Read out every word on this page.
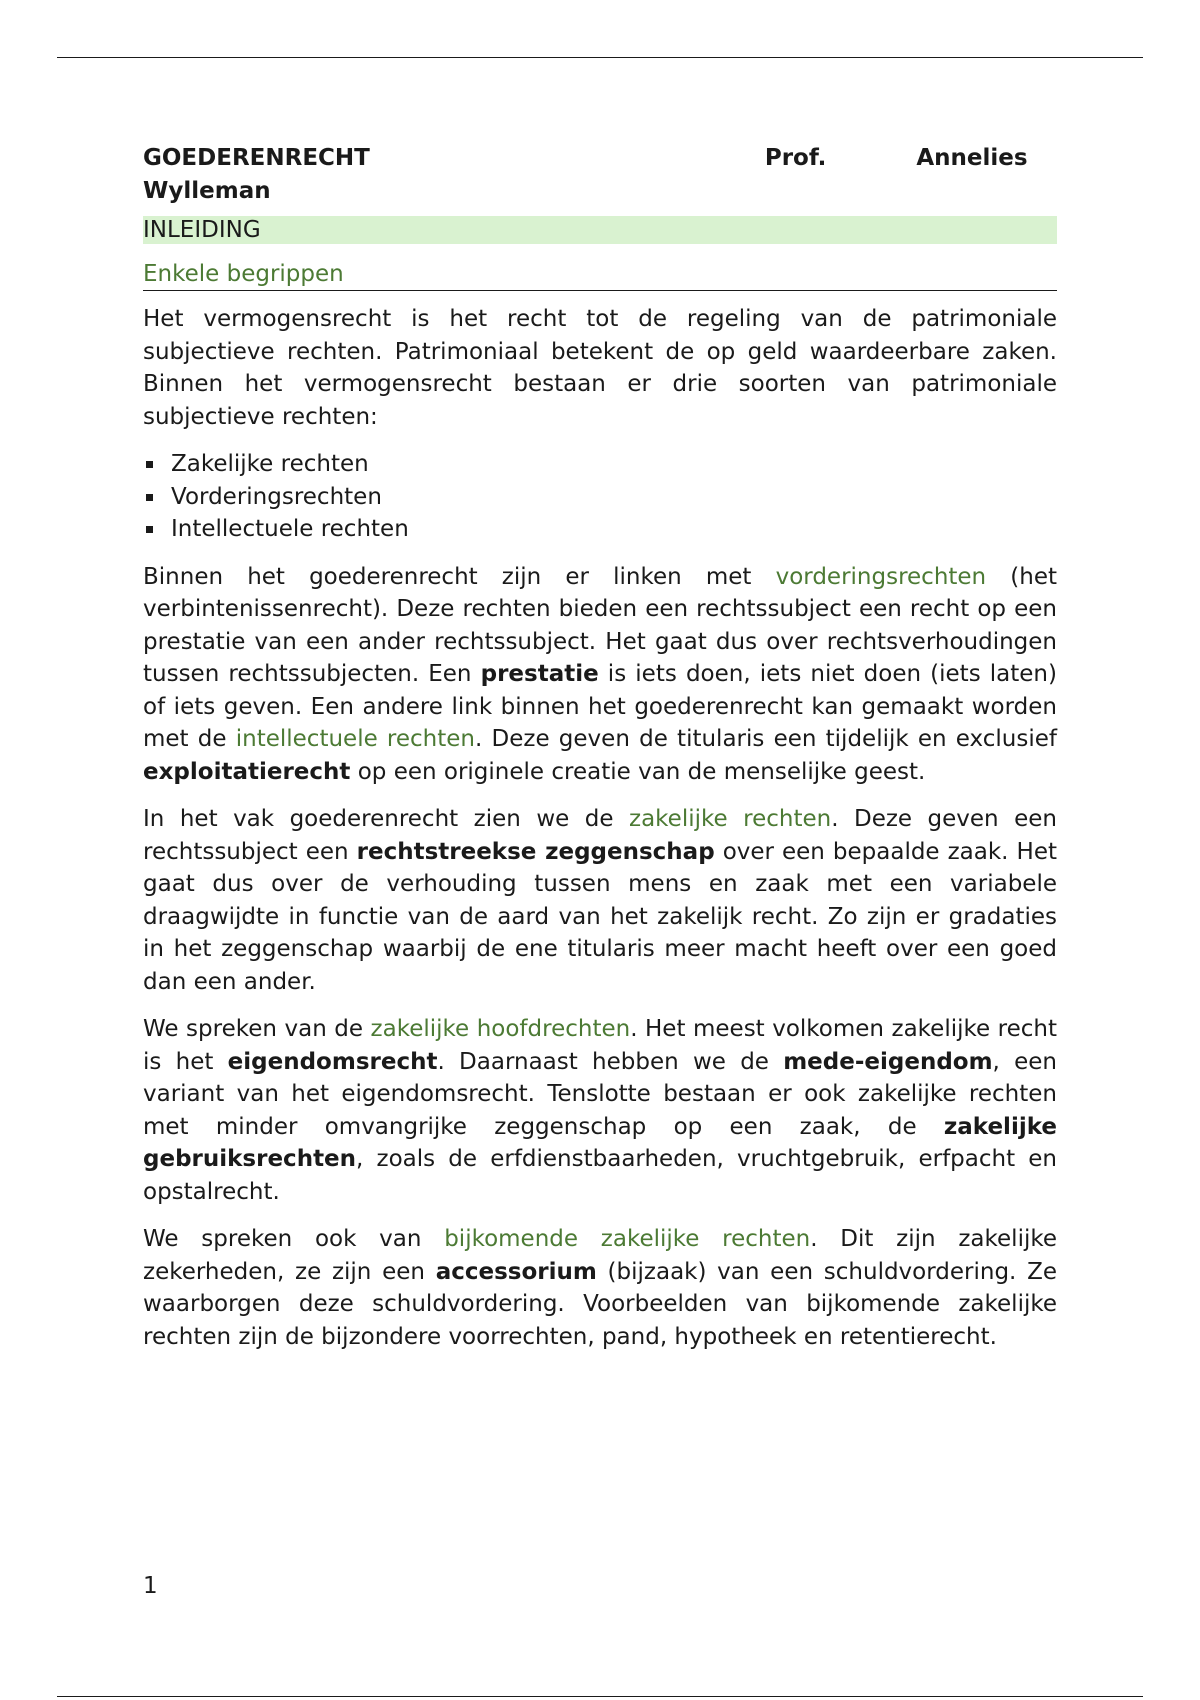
GOEDERENRECHT	Prof.	Annelies
Wylleman
INLEIDING
Enkele begrippen

Het vermogensrecht is het recht tot de regeling van de patrimoniale subjectieve rechten. Patrimoniaal betekent de op geld waardeerbare zaken. Binnen het vermogensrecht bestaan er drie soorten van patrimoniale subjectieve rechten:

Zakelijke rechten
Vorderingsrechten
Intellectuele rechten

Binnen het goederenrecht zijn er linken met vorderingsrechten (het verbintenissenrecht). Deze rechten bieden een rechtssubject een recht op een prestatie van een ander rechtssubject. Het gaat dus over rechtsverhoudingen tussen rechtssubjecten. Een prestatie is iets doen, iets niet doen (iets laten) of iets geven. Een andere link binnen het goederenrecht kan gemaakt worden met de intellectuele rechten. Deze geven de titularis een tijdelijk en exclusief exploitatierecht op een originele creatie van de menselijke geest.

In het vak goederenrecht zien we de zakelijke rechten. Deze geven een rechtssubject een rechtstreekse zeggenschap over een bepaalde zaak. Het gaat dus over de verhouding tussen mens en zaak met een variabele draagwijdte in functie van de aard van het zakelijk recht. Zo zijn er gradaties in het zeggenschap waarbij de ene titularis meer macht heeft over een goed dan een ander.

We spreken van de zakelijke hoofdrechten. Het meest volkomen zakelijke recht is het eigendomsrecht. Daarnaast hebben we de mede-eigendom, een variant van het eigendomsrecht. Tenslotte bestaan er ook zakelijke rechten met minder omvangrijke zeggenschap op een zaak, de zakelijke gebruiksrechten, zoals de erfdienstbaarheden, vruchtgebruik, erfpacht en opstalrecht.

We spreken ook van bijkomende zakelijke rechten. Dit zijn zakelijke zekerheden, ze zijn een accessorium (bijzaak) van een schuldvordering. Ze waarborgen deze schuldvordering. Voorbeelden van bijkomende zakelijke rechten zijn de bijzondere voorrechten, pand, hypotheek en retentierecht.

1
